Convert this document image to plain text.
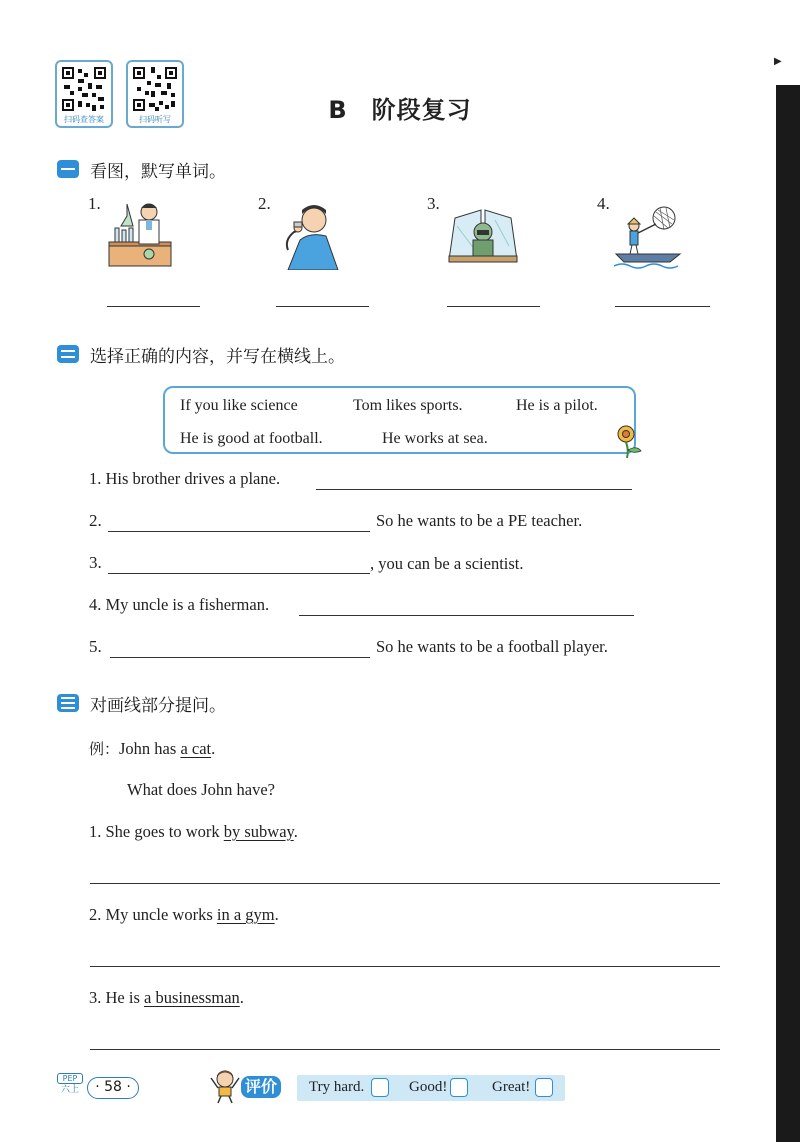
▶
扫码查答案	扫码听写	B 阶段复习
看图，默写单词。
1.	2.	3.	4.
选择正确的内容，并写在横线上。
If you like science	Tom likes sports.	He is a pilot.
He is good at football.	He works at sea.
1. His brother drives a plane.
2.	So he wants to be a PE teacher.
3.	, you can be a scientist.
4. My uncle is a fisherman.
5.	So he wants to be a football player.
对画线部分提问。
例：John has a cat.
What does John have?
1. She goes to work by subway.
2. My uncle works in a gym.
3. He is a businessman.
PEP
六上	· 58 ·	评价 Try hard.	Good!	Great!
